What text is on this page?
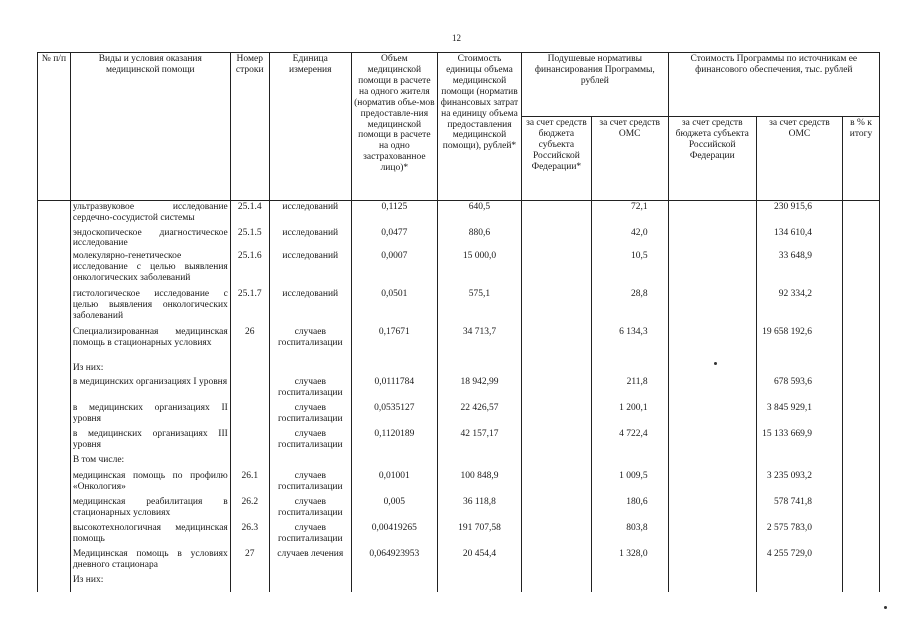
12
№ п/п	Виды и условия оказания медицинской помощи	Номер строки	Единица измерения	Объем медицинской помощи в расчете на одного жителя (норматив объе-мов предоставле-ния медицинской помощи в расчете на одно застрахованное лицо)*	Стоимость единицы объема медицинской помощи (норматив финансовых затрат на единицу объема предоставления медицинской помощи), рублей*	Подушевые нормативы финансирования Программы, рублей		Стоимость Программы по источникам ее финансового обеспечения, тыс. рублей		
						за счет средств бюджета субъекта Российской Федерации*	за счет средств ОМС	за счет средств бюджета субъекта Российской Федерации	за счет средств ОМС	в % к итогу
	ультразвуковое исследование сердечно-сосудистой системы	25.1.4	исследований	0,1125	640,5		72,1		230 915,6	
	эндоскопическое диагностическое исследование	25.1.5	исследований	0,0477	880,6		42,0		134 610,4	
	молекулярно-генетическое исследование с целью выявления онкологических заболеваний	25.1.6	исследований	0,0007	15 000,0		10,5		33 648,9	
	гистологическое исследование с целью выявления онкологических заболеваний	25.1.7	исследований	0,0501	575,1		28,8		92 334,2	
	Специализированная медицинская помощь в стационарных условиях	26	случаев госпитализации	0,17671	34 713,7		6 134,3		19 658 192,6	
	Из них:									
	в медицинских организациях I уровня		случаев госпитализации	0,0111784	18 942,99		211,8		678 593,6	
	в медицинских организациях II уровня		случаев госпитализации	0,0535127	22 426,57		1 200,1		3 845 929,1	
	в медицинских организациях III уровня		случаев госпитализации	0,1120189	42 157,17		4 722,4		15 133 669,9	
	В том числе:									
	медицинская помощь по профилю «Онкология»	26.1	случаев госпитализации	0,01001	100 848,9		1 009,5		3 235 093,2	
	медицинская реабилитация в стационарных условиях	26.2	случаев госпитализации	0,005	36 118,8		180,6		578 741,8	
	высокотехнологичная медицинская помощь	26.3	случаев госпитализации	0,00419265	191 707,58		803,8		2 575 783,0	
	Медицинская помощь в условиях дневного стационара	27	случаев лечения	0,064923953	20 454,4		1 328,0		4 255 729,0	
	Из них:									
